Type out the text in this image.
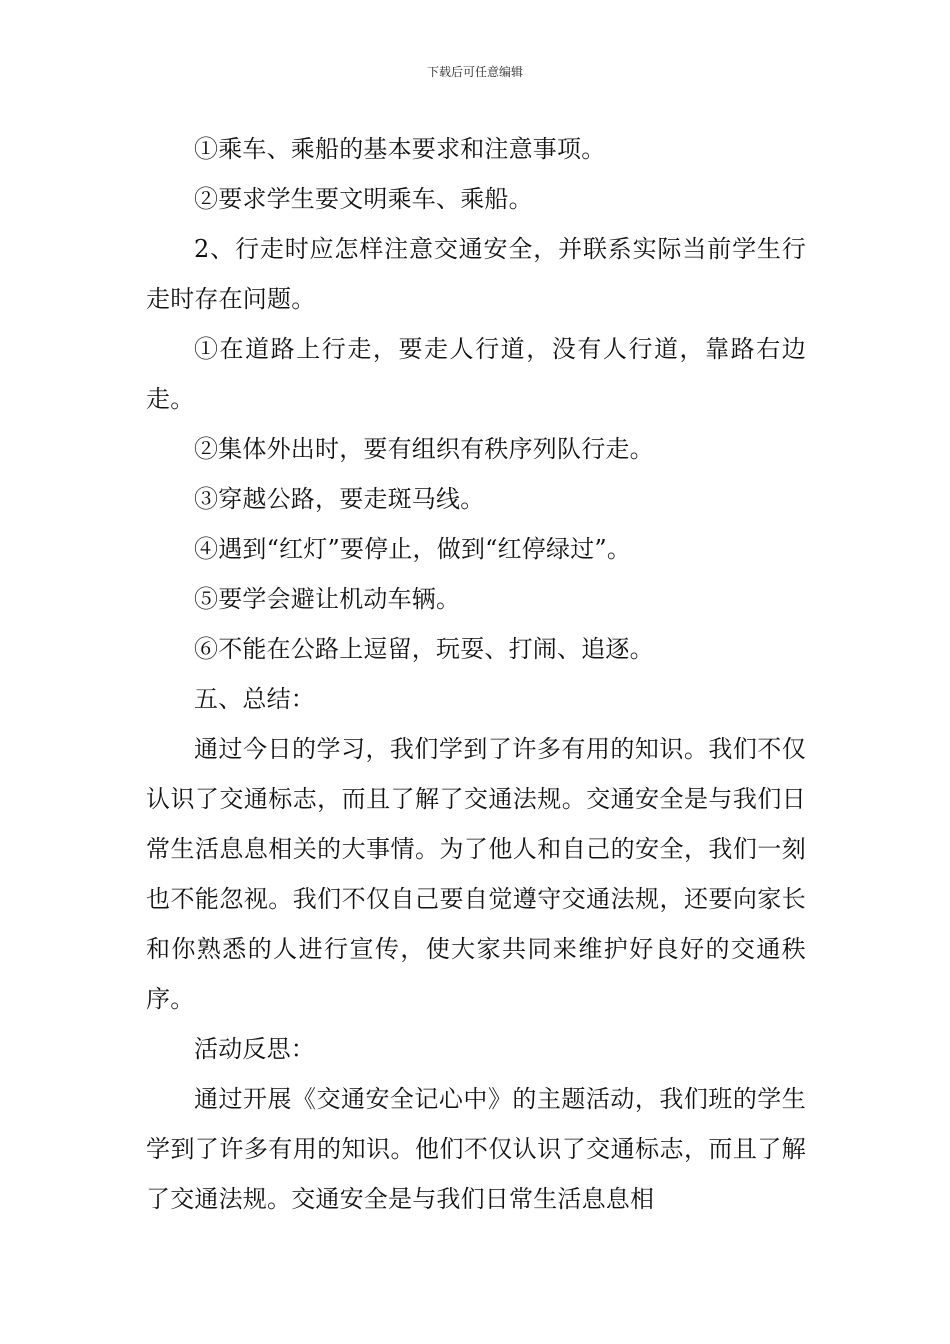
下载后可任意编辑

①乘车、乘船的基本要求和注意事项。

②要求学生要文明乘车、乘船。

2、行走时应怎样注意交通安全，并联系实际当前学生行走时存在问题。

①在道路上行走，要走人行道，没有人行道，靠路右边走。

②集体外出时，要有组织有秩序列队行走。

③穿越公路，要走斑马线。

④遇到“红灯”要停止，做到“红停绿过”。

⑤要学会避让机动车辆。

⑥不能在公路上逗留，玩耍、打闹、追逐。

五、总结：

通过今日的学习，我们学到了许多有用的知识。我们不仅认识了交通标志，而且了解了交通法规。交通安全是与我们日常生活息息相关的大事情。为了他人和自己的安全，我们一刻也不能忽视。我们不仅自己要自觉遵守交通法规，还要向家长和你熟悉的人进行宣传，使大家共同来维护好良好的交通秩序。

活动反思：

通过开展《交通安全记心中》的主题活动，我们班的学生学到了许多有用的知识。他们不仅认识了交通标志，而且了解了交通法规。交通安全是与我们日常生活息息相
